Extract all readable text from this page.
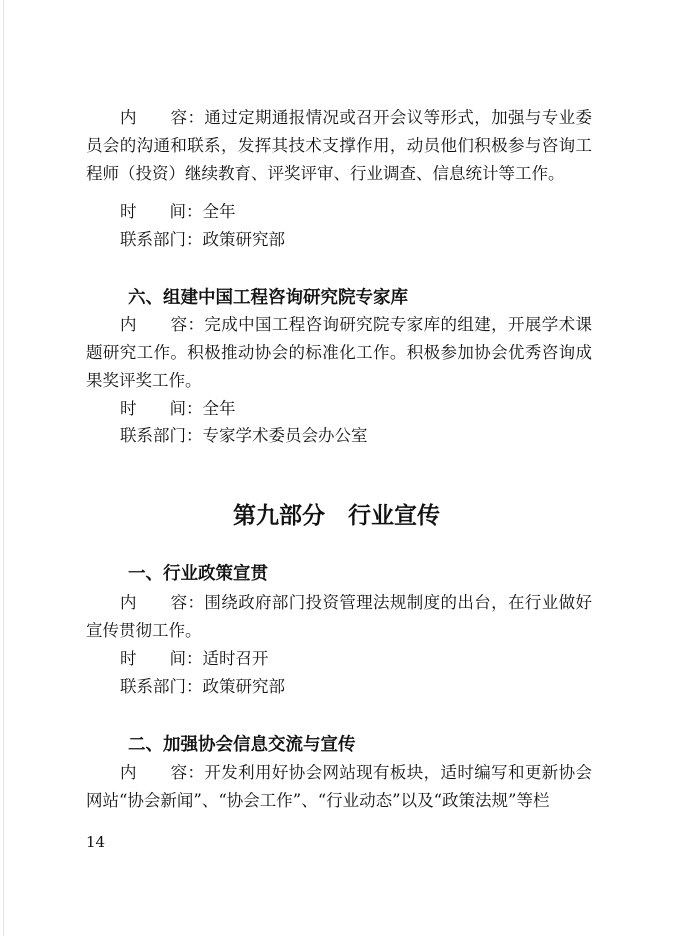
内　　容：通过定期通报情况或召开会议等形式，加强与专业委员会的沟通和联系，发挥其技术支撑作用，动员他们积极参与咨询工程师（投资）继续教育、评奖评审、行业调查、信息统计等工作。
时　　间：全年
联系部门：政策研究部
六、组建中国工程咨询研究院专家库
内　　容：完成中国工程咨询研究院专家库的组建，开展学术课题研究工作。积极推动协会的标准化工作。积极参加协会优秀咨询成果奖评奖工作。
时　　间：全年
联系部门：专家学术委员会办公室
第九部分　行业宣传
一、行业政策宣贯
内　　容：围绕政府部门投资管理法规制度的出台，在行业做好宣传贯彻工作。
时　　间：适时召开
联系部门：政策研究部
二、加强协会信息交流与宣传
内　　容：开发利用好协会网站现有板块，适时编写和更新协会网站“协会新闻”、“协会工作”、“行业动态”以及“政策法规”等栏
14
